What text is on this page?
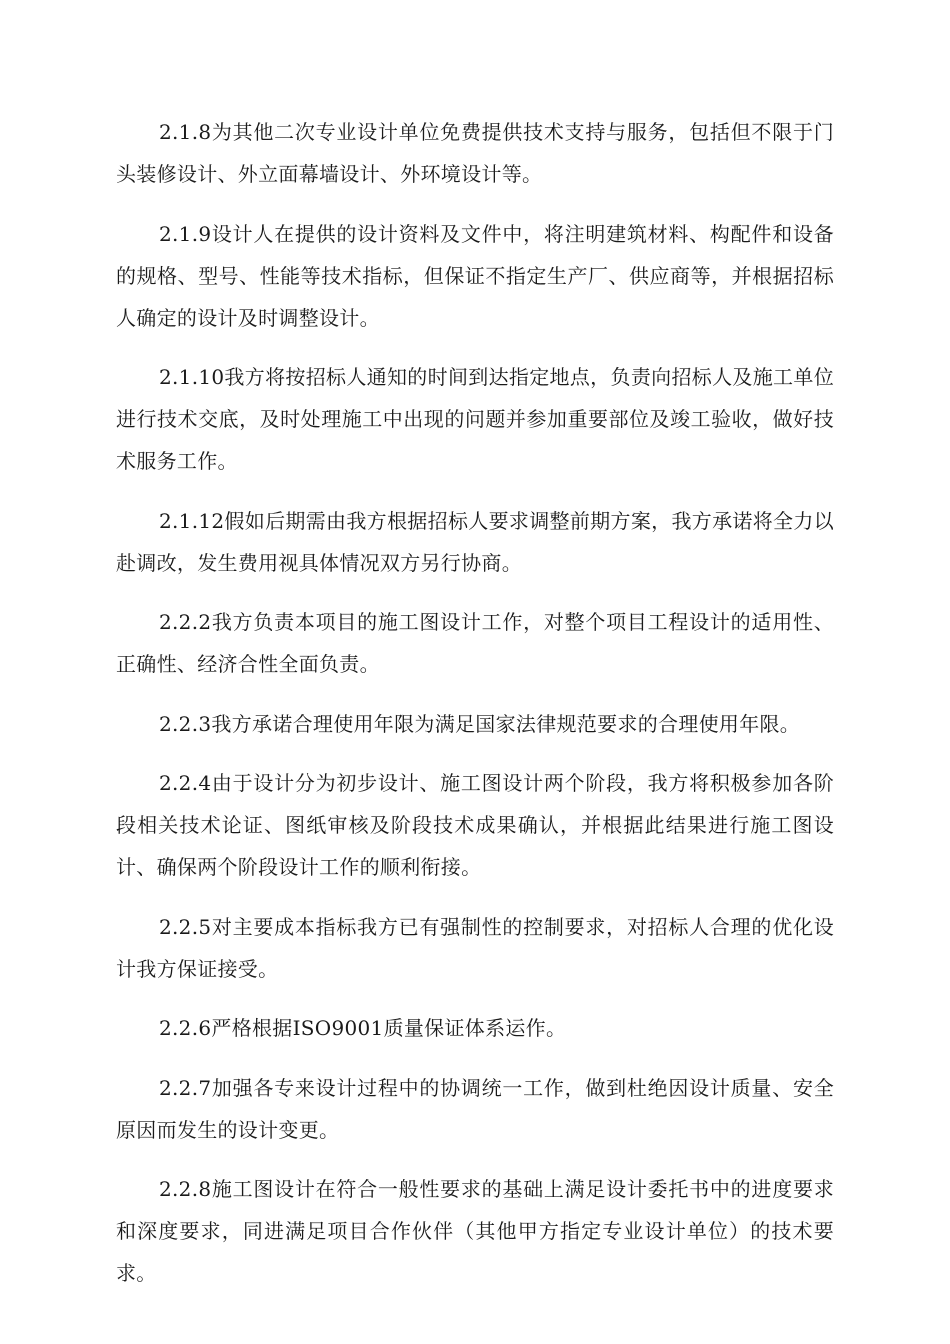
2.1.8为其他二次专业设计单位免费提供技术支持与服务，包括但不限于门头装修设计、外立面幕墙设计、外环境设计等。

2.1.9设计人在提供的设计资料及文件中，将注明建筑材料、构配件和设备的规格、型号、性能等技术指标，但保证不指定生产厂、供应商等，并根据招标人确定的设计及时调整设计。

2.1.10我方将按招标人通知的时间到达指定地点，负责向招标人及施工单位进行技术交底，及时处理施工中出现的问题并参加重要部位及竣工验收，做好技术服务工作。

2.1.12假如后期需由我方根据招标人要求调整前期方案，我方承诺将全力以赴调改，发生费用视具体情况双方另行协商。

2.2.2我方负责本项目的施工图设计工作，对整个项目工程设计的适用性、正确性、经济合性全面负责。

2.2.3我方承诺合理使用年限为满足国家法律规范要求的合理使用年限。

2.2.4由于设计分为初步设计、施工图设计两个阶段，我方将积极参加各阶段相关技术论证、图纸审核及阶段技术成果确认，并根据此结果进行施工图设计、确保两个阶段设计工作的顺利衔接。

2.2.5对主要成本指标我方已有强制性的控制要求，对招标人合理的优化设计我方保证接受。

2.2.6严格根据ISO9001质量保证体系运作。

2.2.7加强各专来设计过程中的协调统一工作，做到杜绝因设计质量、安全原因而发生的设计变更。

2.2.8施工图设计在符合一般性要求的基础上满足设计委托书中的进度要求和深度要求，同进满足项目合作伙伴（其他甲方指定专业设计单位）的技术要求。
